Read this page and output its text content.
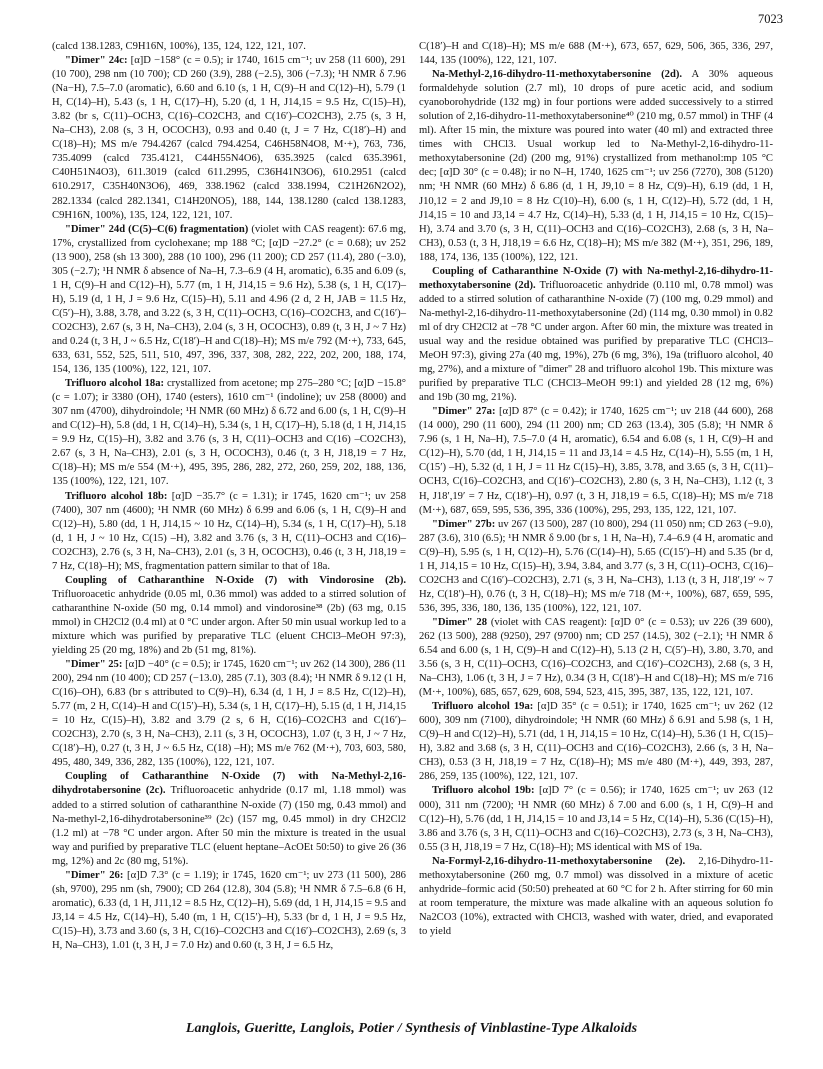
7023

(calcd 138.1283, C9H16N, 100%), 135, 124, 122, 121, 107.

"Dimer" 24c: [α]D −158° (c = 0.5); ir 1740, 1615 cm⁻¹; uv 258 (11 600), 291 (10 700), 298 nm (10 700); CD 260 (3.9), 288 (−2.5), 306 (−7.3); ¹H NMR δ 7.96 (Na−H), 7.5–7.0 (aromatic), 6.60 and 6.10 (s, 1 H, C(9)–H and C(12)–H), 5.79 (1 H, C(14)–H), 5.43 (s, 1 H, C(17)–H), 5.20 (d, 1 H, J14,15 = 9.5 Hz, C(15)–H), 3.82 (br s, C(11)–OCH3, C(16)–CO2CH3, and C(16′)–CO2CH3), 2.75 (s, 3 H, Na–CH3), 2.08 (s, 3 H, OCOCH3), 0.93 and 0.40 (t, J = 7 Hz, C(18′)–H) and C(18)–H); MS m/e 794.4267 (calcd 794.4254, C46H58N4O8, M·+), 763, 736, 735.4099 (calcd 735.4121, C44H55N4O6), 635.3925 (calcd 635.3961, C40H51N4O3), 611.3019 (calcd 611.2995, C36H41N3O6), 610.2951 (calcd 610.2917, C35H40N3O6), 469, 338.1962 (calcd 338.1994, C21H26N2O2), 282.1334 (calcd 282.1341, C14H20NO5), 188, 144, 138.1280 (calcd 138.1283, C9H16N, 100%), 135, 124, 122, 121, 107.

"Dimer" 24d (C(5)–C(6) fragmentation) (violet with CAS reagent): 67.6 mg, 17%, crystallized from cyclohexane; mp 188 °C; [α]D −27.2° (c = 0.68); uv 252 (13 900), 258 (sh 13 300), 288 (10 100), 296 (11 200); CD 257 (11.4), 280 (−3.0), 305 (−2.7); ¹H NMR δ absence of Na–H, 7.3–6.9 (4 H, aromatic), 6.35 and 6.09 (s, 1 H, C(9)–H and C(12)–H), 5.77 (m, 1 H, J14,15 = 9.6 Hz), 5.38 (s, 1 H, C(17)–H), 5.19 (d, 1 H, J = 9.6 Hz, C(15)–H), 5.11 and 4.96 (2 d, 2 H, JAB = 11.5 Hz, C(5′)–H), 3.88, 3.78, and 3.22 (s, 3 H, C(11)–OCH3, C(16)–CO2CH3, and C(16′)–CO2CH3), 2.67 (s, 3 H, Na–CH3), 2.04 (s, 3 H, OCOCH3), 0.89 (t, 3 H, J ~ 7 Hz) and 0.24 (t, 3 H, J ~ 6.5 Hz, C(18′)–H and C(18)–H); MS m/e 792 (M·+), 733, 645, 633, 631, 552, 525, 511, 510, 497, 396, 337, 308, 282, 222, 202, 200, 188, 174, 154, 136, 135 (100%), 122, 121, 107.

Trifluoro alcohol 18a: crystallized from acetone; mp 275–280 °C; [α]D −15.8° (c = 1.07); ir 3380 (OH), 1740 (esters), 1610 cm⁻¹ (indoline); uv 258 (8000) and 307 nm (4700), dihydroindole; ¹H NMR (60 MHz) δ 6.72 and 6.00 (s, 1 H, C(9)–H and C(12)–H), 5.8 (dd, 1 H, C(14)–H), 5.34 (s, 1 H, C(17)–H), 5.18 (d, 1 H, J14,15 = 9.9 Hz, C(15)–H), 3.82 and 3.76 (s, 3 H, C(11)–OCH3 and C(16) –CO2CH3), 2.67 (s, 3 H, Na–CH3), 2.01 (s, 3 H, OCOCH3), 0.46 (t, 3 H, J18,19 = 7 Hz, C(18)–H); MS m/e 554 (M·+), 495, 395, 286, 282, 272, 260, 259, 202, 188, 136, 135 (100%), 122, 121, 107.

Trifluoro alcohol 18b: [α]D −35.7° (c = 1.31); ir 1745, 1620 cm⁻¹; uv 258 (7400), 307 nm (4600); ¹H NMR (60 MHz) δ 6.99 and 6.06 (s, 1 H, C(9)–H and C(12)–H), 5.80 (dd, 1 H, J14,15 ~ 10 Hz, C(14)–H), 5.34 (s, 1 H, C(17)–H), 5.18 (d, 1 H, J ~ 10 Hz, C(15) –H), 3.82 and 3.76 (s, 3 H, C(11)–OCH3 and C(16)–CO2CH3), 2.76 (s, 3 H, Na–CH3), 2.01 (s, 3 H, OCOCH3), 0.46 (t, 3 H, J18,19 = 7 Hz, C(18)–H); MS, fragmentation pattern similar to that of 18a.

Coupling of Catharanthine N-Oxide (7) with Vindorosine (2b). Trifluoroacetic anhydride (0.05 ml, 0.36 mmol) was added to a stirred solution of catharanthine N-oxide (50 mg, 0.14 mmol) and vindorosine³⁸ (2b) (63 mg, 0.15 mmol) in CH2Cl2 (0.4 ml) at 0 °C under argon. After 50 min usual workup led to a mixture which was purified by preparative TLC (eluent CHCl3–MeOH 97:3), yielding 25 (20 mg, 18%) and 2b (51 mg, 81%).

"Dimer" 25: [α]D −40° (c = 0.5); ir 1745, 1620 cm⁻¹; uv 262 (14 300), 286 (11 200), 294 nm (10 400); CD 257 (−13.0), 285 (7.1), 303 (8.4); ¹H NMR δ 9.12 (1 H, C(16)–OH), 6.83 (br s attributed to C(9)–H), 6.34 (d, 1 H, J = 8.5 Hz, C(12)–H), 5.77 (m, 2 H, C(14)–H and C(15′)–H), 5.34 (s, 1 H, C(17)–H), 5.15 (d, 1 H, J14,15 = 10 Hz, C(15)–H), 3.82 and 3.79 (2 s, 6 H, C(16)–CO2CH3 and C(16′)–CO2CH3), 2.70 (s, 3 H, Na–CH3), 2.11 (s, 3 H, OCOCH3), 1.07 (t, 3 H, J ~ 7 Hz, C(18′)–H), 0.27 (t, 3 H, J ~ 6.5 Hz, C(18) –H); MS m/e 762 (M·+), 703, 603, 580, 495, 480, 349, 336, 282, 135 (100%), 122, 121, 107.

Coupling of Catharanthine N-Oxide (7) with Na-Methyl-2,16-dihydrotabersonine (2c). Trifluoroacetic anhydride (0.17 ml, 1.18 mmol) was added to a stirred solution of catharanthine N-oxide (7) (150 mg, 0.43 mmol) and Na-methyl-2,16-dihydrotabersonine³⁹ (2c) (157 mg, 0.45 mmol) in dry CH2Cl2 (1.2 ml) at −78 °C under argon. After 50 min the mixture is treated in the usual way and purified by preparative TLC (eluent heptane–AcOEt 50:50) to give 26 (36 mg, 12%) and 2c (80 mg, 51%).

"Dimer" 26: [α]D 7.3° (c = 1.19); ir 1745, 1620 cm⁻¹; uv 273 (11 500), 286 (sh, 9700), 295 nm (sh, 7900); CD 264 (12.8), 304 (5.8); ¹H NMR δ 7.5–6.8 (6 H, aromatic), 6.33 (d, 1 H, J11,12 = 8.5 Hz, C(12)–H), 5.69 (dd, 1 H, J14,15 = 9.5 and J3,14 = 4.5 Hz, C(14)–H), 5.40 (m, 1 H, C(15′)–H), 5.33 (br d, 1 H, J = 9.5 Hz, C(15)–H), 3.73 and 3.60 (s, 3 H, C(16)–CO2CH3 and C(16′)–CO2CH3), 2.69 (s, 3 H, Na–CH3), 1.01 (t, 3 H, J = 7.0 Hz) and 0.60 (t, 3 H, J = 6.5 Hz,

C(18′)–H and C(18)–H); MS m/e 688 (M·+), 673, 657, 629, 506, 365, 336, 297, 144, 135 (100%), 122, 121, 107.

Na-Methyl-2,16-dihydro-11-methoxytabersonine (2d). A 30% aqueous formaldehyde solution (2.7 ml), 10 drops of pure acetic acid, and sodium cyanoborohydride (132 mg) in four portions were added successively to a stirred solution of 2,16-dihydro-11-methoxytabersonine⁴⁰ (210 mg, 0.57 mmol) in THF (4 ml). After 15 min, the mixture was poured into water (40 ml) and extracted three times with CHCl3. Usual workup led to Na-Methyl-2,16-dihydro-11-methoxytabersonine (2d) (200 mg, 91%) crystallized from methanol:mp 105 °C dec; [α]D 30° (c = 0.48); ir no N–H, 1740, 1625 cm⁻¹; uv 256 (7270), 308 (5120) nm; ¹H NMR (60 MHz) δ 6.86 (d, 1 H, J9,10 = 8 Hz, C(9)–H), 6.19 (dd, 1 H, J10,12 = 2 and J9,10 = 8 Hz C(10)–H), 6.00 (s, 1 H, C(12)–H), 5.72 (dd, 1 H, J14,15 = 10 and J3,14 = 4.7 Hz, C(14)–H), 5.33 (d, 1 H, J14,15 = 10 Hz, C(15)–H), 3.74 and 3.70 (s, 3 H, C(11)–OCH3 and C(16)–CO2CH3), 2.68 (s, 3 H, Na–CH3), 0.53 (t, 3 H, J18,19 = 6.6 Hz, C(18)–H); MS m/e 382 (M·+), 351, 296, 189, 188, 174, 136, 135 (100%), 122, 121.

Coupling of Catharanthine N-Oxide (7) with Na-methyl-2,16-dihydro-11-methoxytabersonine (2d). Trifluoroacetic anhydride (0.110 ml, 0.78 mmol) was added to a stirred solution of catharanthine N-oxide (7) (100 mg, 0.29 mmol) and Na-methyl-2,16-dihydro-11-methoxytabersonine (2d) (114 mg, 0.30 mmol) in 0.82 ml of dry CH2Cl2 at −78 °C under argon. After 60 min, the mixture was treated in usual way and the residue obtained was purified by preparative TLC (CHCl3–MeOH 97:3), giving 27a (40 mg, 19%), 27b (6 mg, 3%), 19a (trifluoro alcohol, 40 mg, 27%), and a mixture of "dimer" 28 and trifluoro alcohol 19b. This mixture was purified by preparative TLC (CHCl3–MeOH 99:1) and yielded 28 (12 mg, 6%) and 19b (30 mg, 21%).

"Dimer" 27a: [α]D 87° (c = 0.42); ir 1740, 1625 cm⁻¹; uv 218 (44 600), 268 (14 000), 290 (11 600), 294 (11 200) nm; CD 263 (13.4), 305 (5.8); ¹H NMR δ 7.96 (s, 1 H, Na–H), 7.5–7.0 (4 H, aromatic), 6.54 and 6.08 (s, 1 H, C(9)–H and C(12)–H), 5.70 (dd, 1 H, J14,15 = 11 and J3,14 = 4.5 Hz, C(14)–H), 5.55 (m, 1 H, C(15′) –H), 5.32 (d, 1 H, J = 11 Hz C(15)–H), 3.85, 3.78, and 3.65 (s, 3 H, C(11)–OCH3, C(16)–CO2CH3, and C(16′)–CO2CH3), 2.80 (s, 3 H, Na–CH3), 1.12 (t, 3 H, J18′,19′ = 7 Hz, C(18′)–H), 0.97 (t, 3 H, J18,19 = 6.5, C(18)–H); MS m/e 718 (M·+), 687, 659, 595, 536, 395, 336 (100%), 295, 293, 135, 122, 121, 107.

"Dimer" 27b: uv 267 (13 500), 287 (10 800), 294 (11 050) nm; CD 263 (−9.0), 287 (3.6), 310 (6.5); ¹H NMR δ 9.00 (br s, 1 H, Na–H), 7.4–6.9 (4 H, aromatic and C(9)–H), 5.95 (s, 1 H, C(12)–H), 5.76 (C(14)–H), 5.65 (C(15′)–H) and 5.35 (br d, 1 H, J14,15 = 10 Hz, C(15)–H), 3.94, 3.84, and 3.77 (s, 3 H, C(11)–OCH3, C(16)–CO2CH3 and C(16′)–CO2CH3), 2.71 (s, 3 H, Na–CH3), 1.13 (t, 3 H, J18′,19′ ~ 7 Hz, C(18′)–H), 0.76 (t, 3 H, C(18)–H); MS m/e 718 (M·+, 100%), 687, 659, 595, 536, 395, 336, 180, 136, 135 (100%), 122, 121, 107.

"Dimer" 28 (violet with CAS reagent): [α]D 0° (c = 0.53); uv 226 (39 600), 262 (13 500), 288 (9250), 297 (9700) nm; CD 257 (14.5), 302 (−2.1); ¹H NMR δ 6.54 and 6.00 (s, 1 H, C(9)–H and C(12)–H), 5.13 (2 H, C(5′)–H), 3.80, 3.70, and 3.56 (s, 3 H, C(11)–OCH3, C(16)–CO2CH3, and C(16′)–CO2CH3), 2.68 (s, 3 H, Na–CH3), 1.06 (t, 3 H, J = 7 Hz), 0.34 (3 H, C(18′)–H and C(18)–H); MS m/e 716 (M·+, 100%), 685, 657, 629, 608, 594, 523, 415, 395, 387, 135, 122, 121, 107.

Trifluoro alcohol 19a: [α]D 35° (c = 0.51); ir 1740, 1625 cm⁻¹; uv 262 (12 600), 309 nm (7100), dihydroindole; ¹H NMR (60 MHz) δ 6.91 and 5.98 (s, 1 H, C(9)–H and C(12)–H), 5.71 (dd, 1 H, J14,15 = 10 Hz, C(14)–H), 5.36 (1 H, C(15)–H), 3.82 and 3.68 (s, 3 H, C(11)–OCH3 and C(16)–CO2CH3), 2.66 (s, 3 H, Na–CH3), 0.53 (3 H, J18,19 = 7 Hz, C(18)–H); MS m/e 480 (M·+), 449, 393, 287, 286, 259, 135 (100%), 122, 121, 107.

Trifluoro alcohol 19b: [α]D 7° (c = 0.56); ir 1740, 1625 cm⁻¹; uv 263 (12 000), 311 nm (7200); ¹H NMR (60 MHz) δ 7.00 and 6.00 (s, 1 H, C(9)–H and C(12)–H), 5.76 (dd, 1 H, J14,15 = 10 and J3,14 = 5 Hz, C(14)–H), 5.36 (C(15)–H), 3.86 and 3.76 (s, 3 H, C(11)–OCH3 and C(16)–CO2CH3), 2.73 (s, 3 H, Na–CH3), 0.55 (3 H, J18,19 = 7 Hz, C(18)–H); MS identical with MS of 19a.

Na-Formyl-2,16-dihydro-11-methoxytabersonine (2e). 2,16-Dihydro-11-methoxytabersonine (260 mg, 0.7 mmol) was dissolved in a mixture of acetic anhydride–formic acid (50:50) preheated at 60 °C for 2 h. After stirring for 60 min at room temperature, the mixture was made alkaline with an aqueous solution fo Na2CO3 (10%), extracted with CHCl3, washed with water, dried, and evaporated to yield

Langlois, Gueritte, Langlois, Potier / Synthesis of Vinblastine-Type Alkaloids
